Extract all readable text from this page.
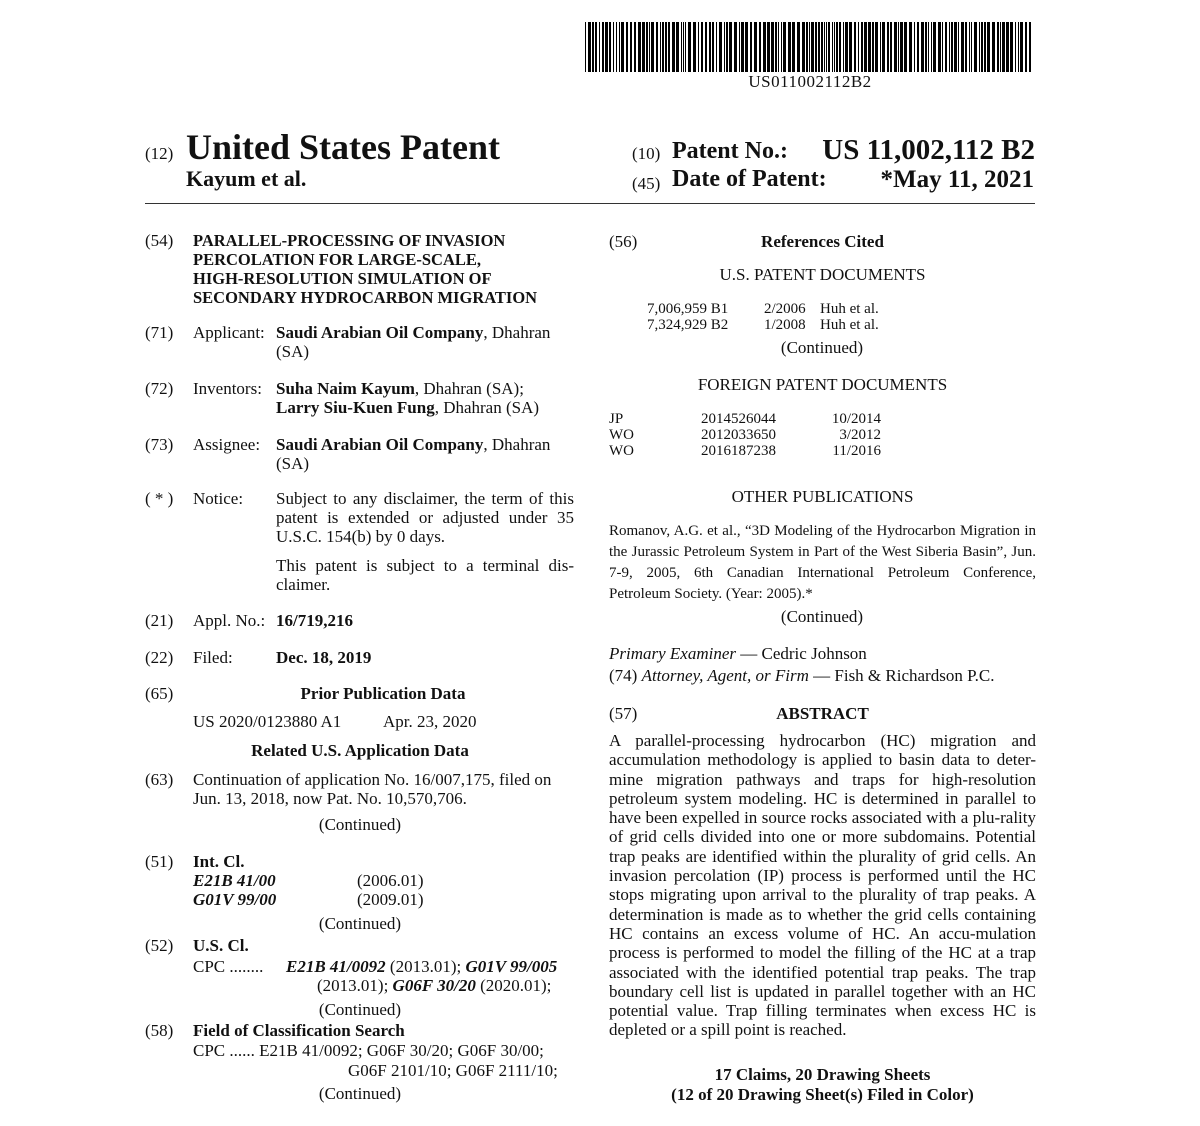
US011002112B2
(12) United States Patent
Kayum et al.
(10) Patent No.: US 11,002,112 B2
(45) Date of Patent: *May 11, 2021
(54)	PARALLEL-PROCESSING OF INVASION
PERCOLATION FOR LARGE-SCALE,
HIGH-RESOLUTION SIMULATION OF
SECONDARY HYDROCARBON MIGRATION
(71)	Applicant: Saudi Arabian Oil Company, Dhahran
(SA)
(72)	Inventors: Suha Naim Kayum, Dhahran (SA);
Larry Siu-Kuen Fung, Dhahran (SA)
(73)	Assignee: Saudi Arabian Oil Company, Dhahran
(SA)
( * )	Notice: Subject to any disclaimer, the term of this patent is extended or adjusted under 35 U.S.C. 154(b) by 0 days.
This patent is subject to a terminal dis-claimer.
(21)	Appl. No.: 16/719,216
(22)	Filed:	Dec. 18, 2019
(65)	Prior Publication Data
US 2020/0123880 A1 Apr. 23, 2020
Related U.S. Application Data
(63)	Continuation of application No. 16/007,175, filed on
Jun. 13, 2018, now Pat. No. 10,570,706.
(Continued)
(51)	Int. Cl.
E21B 41/00	(2006.01)
G01V 99/00	(2009.01)
(Continued)
(52)	U.S. Cl.
CPC ........ E21B 41/0092 (2013.01); G01V 99/005
(2013.01); G06F 30/20 (2020.01);
(Continued)
(58)	Field of Classification Search
CPC ...... E21B 41/0092; G06F 30/20; G06F 30/00;
G06F 2101/10; G06F 2111/10;
(Continued)
(56)	References Cited
U.S. PATENT DOCUMENTS
7,006,959 B1 2/2006 Huh et al.
7,324,929 B2 1/2008 Huh et al.
(Continued)
FOREIGN PATENT DOCUMENTS
JP	2014526044	10/2014
WO	2012033650	3/2012
WO	2016187238	11/2016
OTHER PUBLICATIONS
Romanov, A.G. et al., “3D Modeling of the Hydrocarbon Migration in the Jurassic Petroleum System in Part of the West Siberia Basin”, Jun. 7-9, 2005, 6th Canadian International Petroleum Conference, Petroleum Society. (Year: 2005).*
(Continued)
Primary Examiner — Cedric Johnson
(74) Attorney, Agent, or Firm — Fish & Richardson P.C.
(57)	ABSTRACT
A parallel-processing hydrocarbon (HC) migration and accumulation methodology is applied to basin data to deter-mine migration pathways and traps for high-resolution petroleum system modeling. HC is determined in parallel to have been expelled in source rocks associated with a plu-rality of grid cells divided into one or more subdomains. Potential trap peaks are identified within the plurality of grid cells. An invasion percolation (IP) process is performed until the HC stops migrating upon arrival to the plurality of trap peaks. A determination is made as to whether the grid cells containing HC contains an excess volume of HC. An accu-mulation process is performed to model the filling of the HC at a trap associated with the identified potential trap peaks. The trap boundary cell list is updated in parallel together with an HC potential value. Trap filling terminates when excess HC is depleted or a spill point is reached.
17 Claims, 20 Drawing Sheets
(12 of 20 Drawing Sheet(s) Filed in Color)
